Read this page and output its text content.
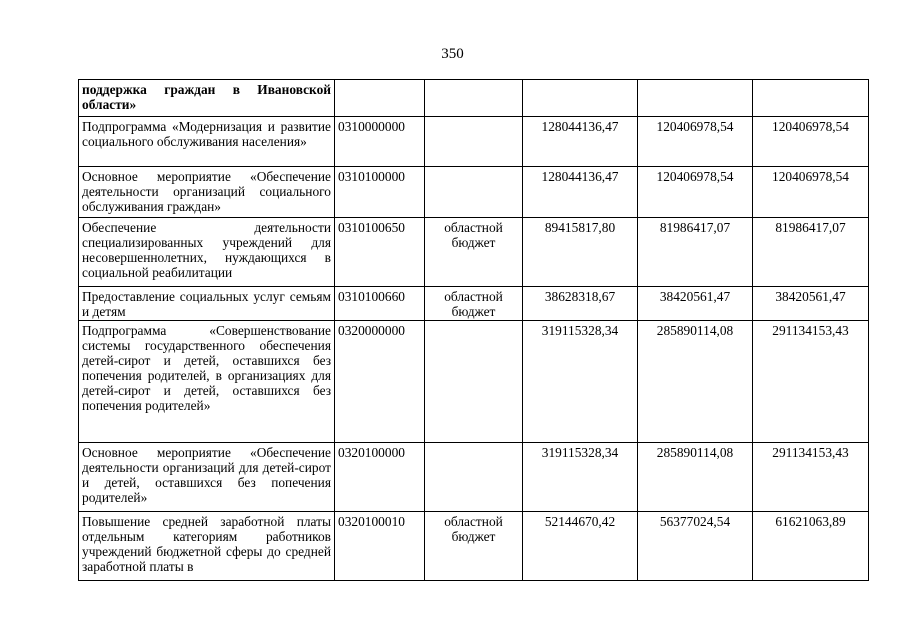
350
поддержка граждан в Ивановской области»					
Подпрограмма «Модернизация и развитие социального обслуживания населения»	0310000000		128044136,47	120406978,54	120406978,54
Основное мероприятие «Обеспечение деятельности организаций социального обслуживания граждан»	0310100000		128044136,47	120406978,54	120406978,54
Обеспечение деятельности специализированных учреждений для несовершеннолетних, нуждающихся в социальной реабилитации	0310100650	областной бюджет	89415817,80	81986417,07	81986417,07
Предоставление социальных услуг семьям и детям	0310100660	областной бюджет	38628318,67	38420561,47	38420561,47
Подпрограмма «Совершенствование системы государственного обеспечения детей-сирот и детей, оставшихся без попечения родителей, в организациях для детей-сирот и детей, оставшихся без попечения родителей»	0320000000		319115328,34	285890114,08	291134153,43
Основное мероприятие «Обеспечение деятельности организаций для детей-сирот и детей, оставшихся без попечения родителей»	0320100000		319115328,34	285890114,08	291134153,43
Повышение средней заработной платы отдельным категориям работников учреждений бюджетной сферы до средней заработной платы в	0320100010	областной бюджет	52144670,42	56377024,54	61621063,89
